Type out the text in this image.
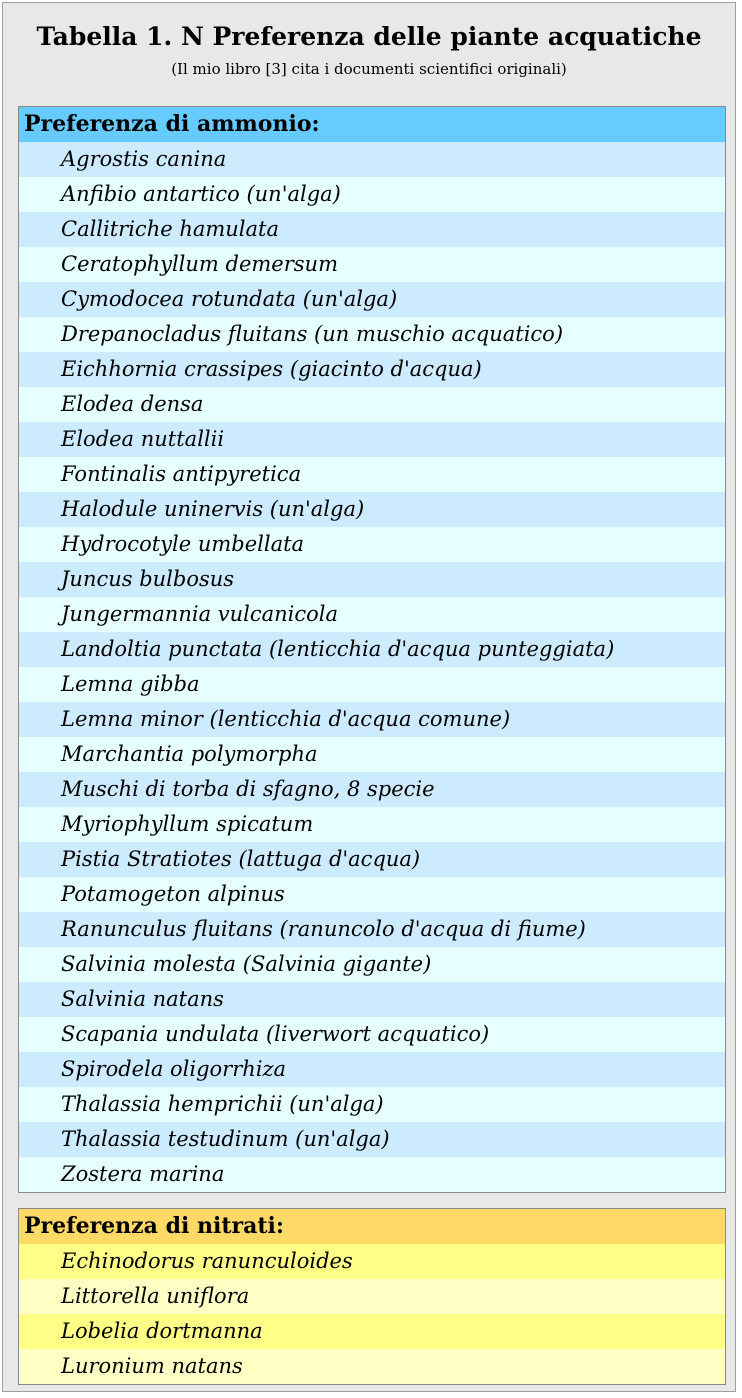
Tabella 1. N Preferenza delle piante acquatiche
(Il mio libro [3] cita i documenti scientifici originali)
Preferenza di ammonio:
Agrostis canina
Anfibio antartico (un'alga)
Callitriche hamulata
Ceratophyllum demersum
Cymodocea rotundata (un'alga)
Drepanocladus fluitans (un muschio acquatico)
Eichhornia crassipes (giacinto d'acqua)
Elodea densa
Elodea nuttallii
Fontinalis antipyretica
Halodule uninervis (un'alga)
Hydrocotyle umbellata
Juncus bulbosus
Jungermannia vulcanicola
Landoltia punctata (lenticchia d'acqua punteggiata)
Lemna gibba
Lemna minor (lenticchia d'acqua comune)
Marchantia polymorpha
Muschi di torba di sfagno, 8 specie
Myriophyllum spicatum
Pistia Stratiotes (lattuga d'acqua)
Potamogeton alpinus
Ranunculus fluitans (ranuncolo d'acqua di fiume)
Salvinia molesta (Salvinia gigante)
Salvinia natans
Scapania undulata (liverwort acquatico)
Spirodela oligorrhiza
Thalassia hemprichii (un'alga)
Thalassia testudinum (un'alga)
Zostera marina
Preferenza di nitrati:
Echinodorus ranunculoides
Littorella uniflora
Lobelia dortmanna
Luronium natans
